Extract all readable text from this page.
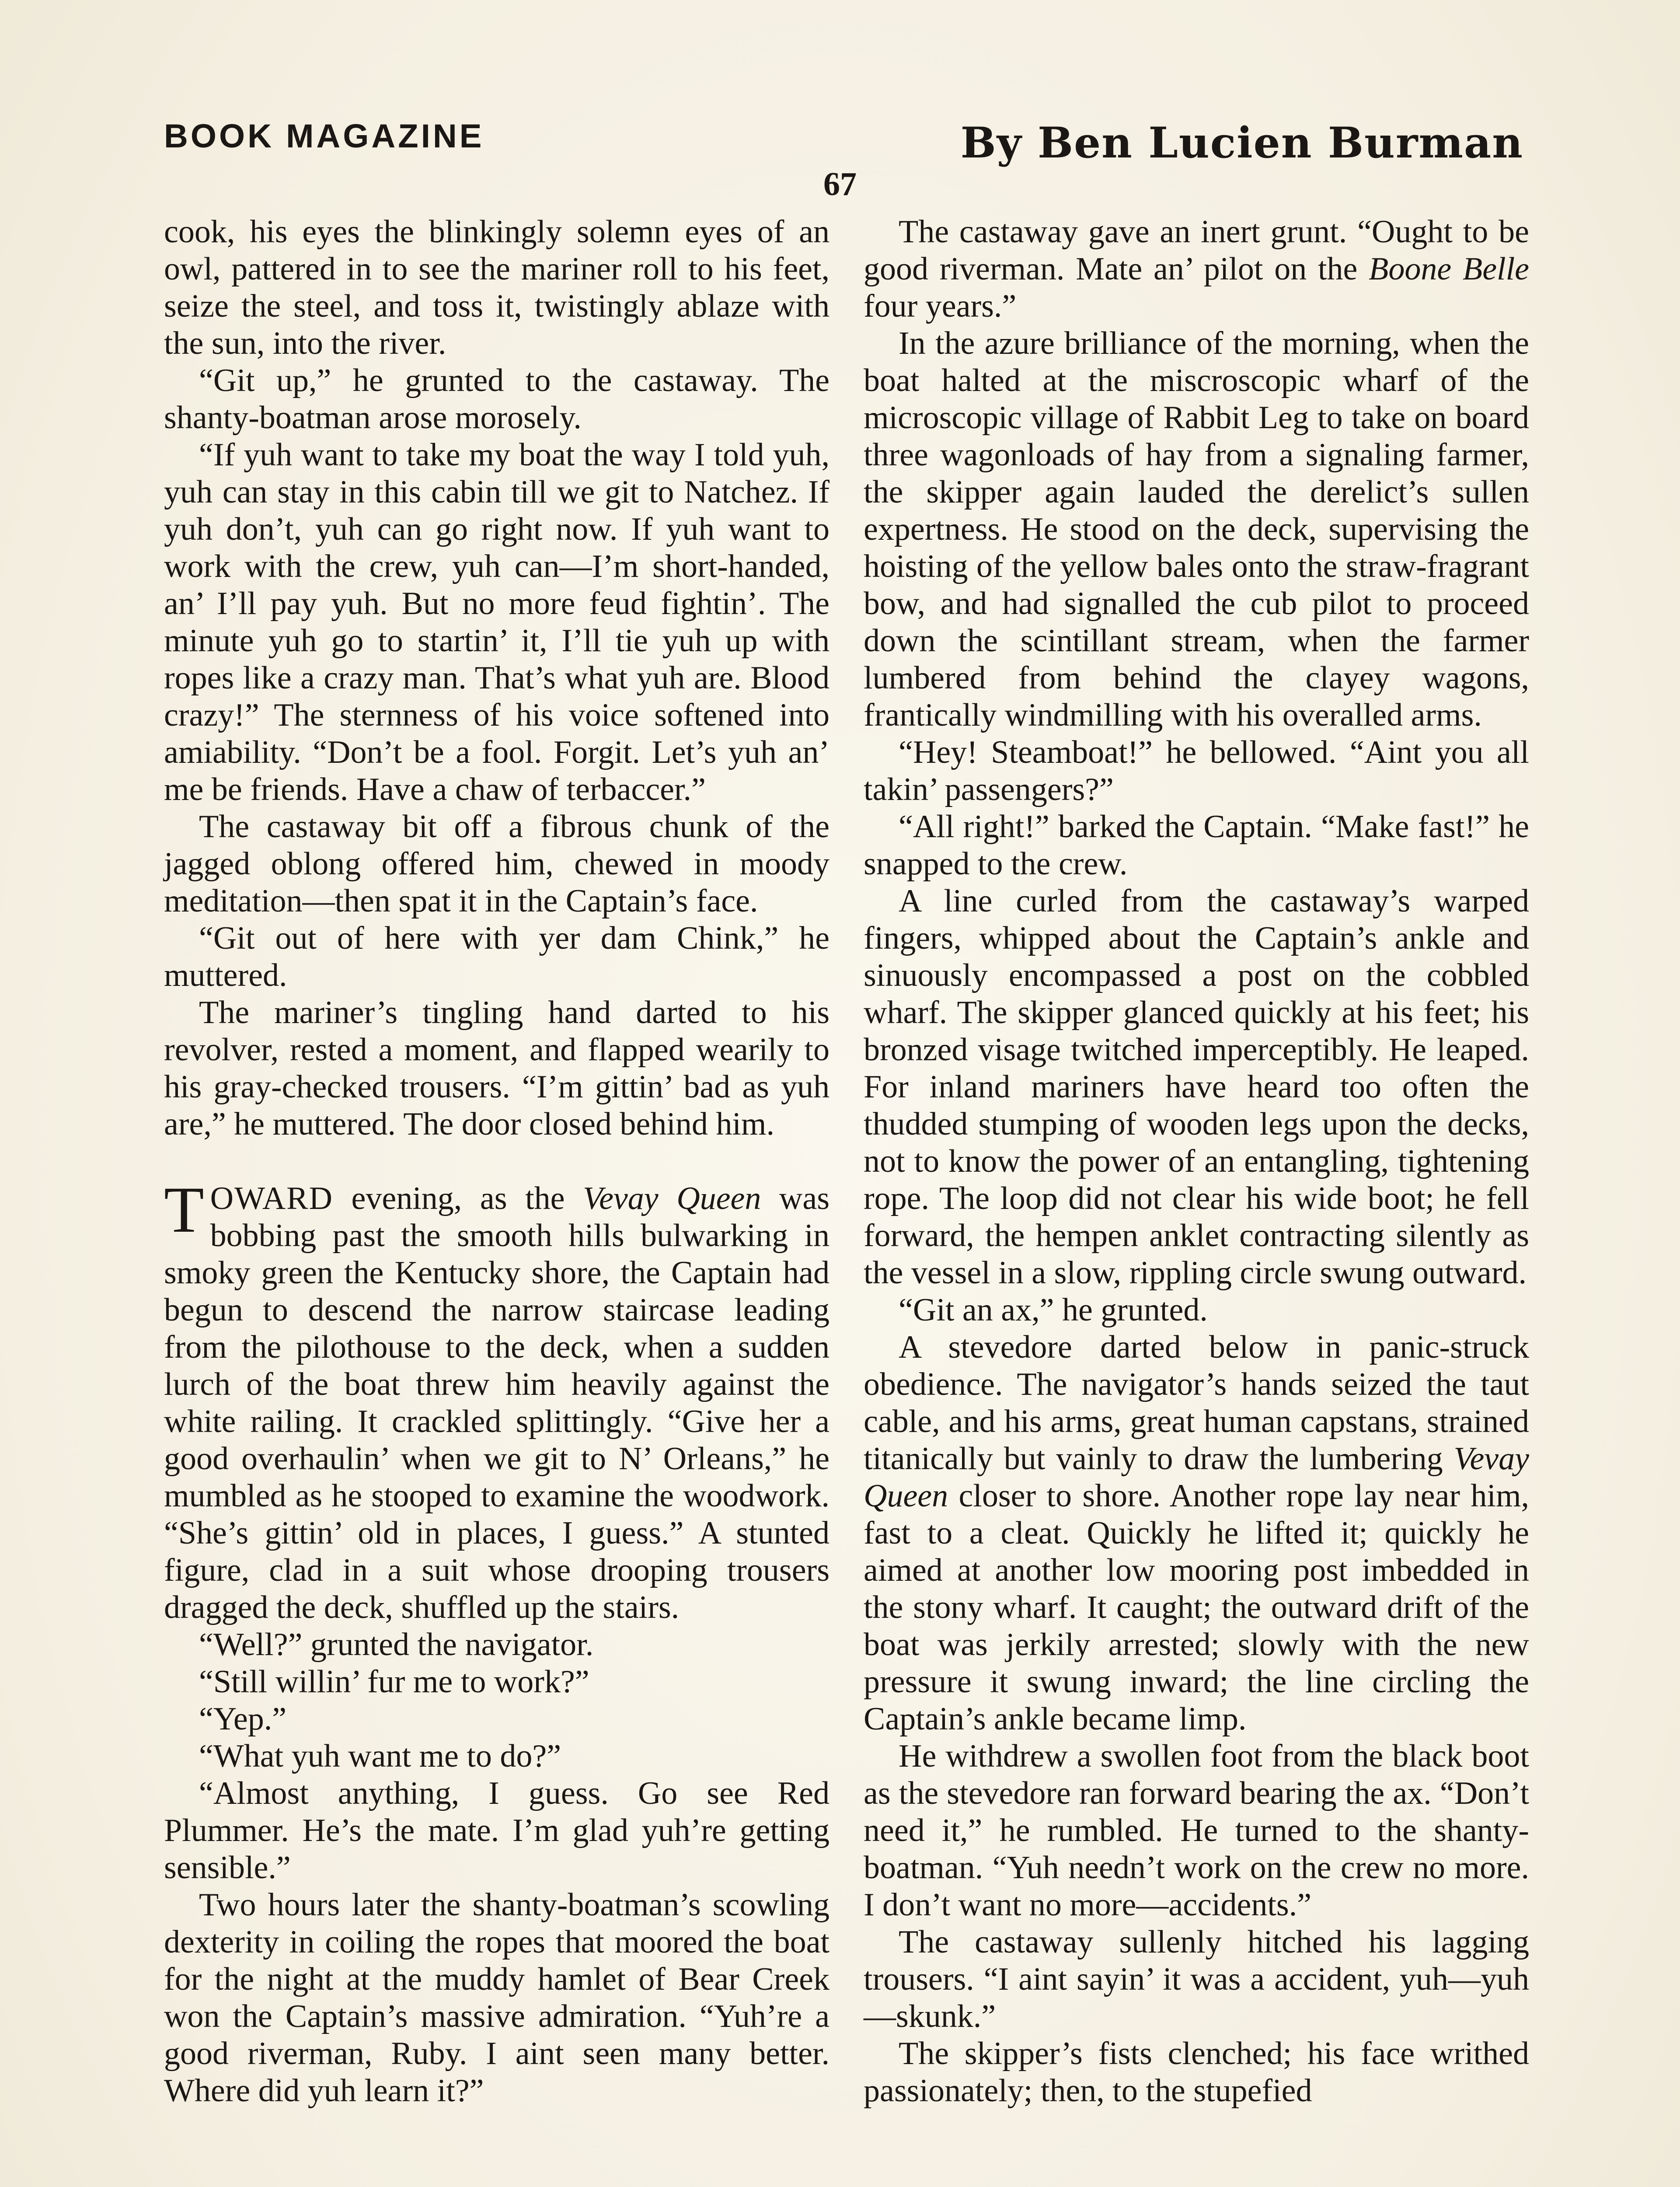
BOOK MAGAZINE	By Ben Lucien Burman
67

cook, his eyes the blinkingly solemn eyes of an owl, pattered in to see the mariner roll to his feet, seize the steel, and toss it, twistingly ablaze with the sun, into the river.

“Git up,” he grunted to the castaway. The shanty-boatman arose morosely.

“If yuh want to take my boat the way I told yuh, yuh can stay in this cabin till we git to Natchez. If yuh don’t, yuh can go right now. If yuh want to work with the crew, yuh can—I’m short-handed, an’ I’ll pay yuh. But no more feud fightin’. The minute yuh go to startin’ it, I’ll tie yuh up with ropes like a crazy man. That’s what yuh are. Blood crazy!” The sternness of his voice softened into amiability. “Don’t be a fool. Forgit. Let’s yuh an’ me be friends. Have a chaw of terbaccer.”

The castaway bit off a fibrous chunk of the jagged oblong offered him, chewed in moody meditation—then spat it in the Captain’s face.

“Git out of here with yer dam Chink,” he muttered.

The mariner’s tingling hand darted to his revolver, rested a moment, and flapped wearily to his gray-checked trousers. “I’m gittin’ bad as yuh are,” he muttered. The door closed behind him.

TOWARD evening, as the Vevay Queen was bobbing past the smooth hills bulwarking in smoky green the Kentucky shore, the Captain had begun to descend the narrow staircase leading from the pilothouse to the deck, when a sudden lurch of the boat threw him heavily against the white railing. It crackled splittingly. “Give her a good overhaulin’ when we git to N’ Orleans,” he mumbled as he stooped to examine the woodwork. “She’s gittin’ old in places, I guess.” A stunted figure, clad in a suit whose drooping trousers dragged the deck, shuffled up the stairs.

“Well?” grunted the navigator.

“Still willin’ fur me to work?”

“Yep.”

“What yuh want me to do?”

“Almost anything, I guess. Go see Red Plummer. He’s the mate. I’m glad yuh’re getting sensible.”

Two hours later the shanty-boatman’s scowling dexterity in coiling the ropes that moored the boat for the night at the muddy hamlet of Bear Creek won the Captain’s massive admiration. “Yuh’re a good riverman, Ruby. I aint seen many better. Where did yuh learn it?”

The castaway gave an inert grunt. “Ought to be good riverman. Mate an’ pilot on the Boone Belle four years.”

In the azure brilliance of the morning, when the boat halted at the miscroscopic wharf of the microscopic village of Rabbit Leg to take on board three wagonloads of hay from a signaling farmer, the skipper again lauded the derelict’s sullen expertness. He stood on the deck, supervising the hoisting of the yellow bales onto the straw-fragrant bow, and had signalled the cub pilot to proceed down the scintillant stream, when the farmer lumbered from behind the clayey wagons, frantically windmilling with his overalled arms.

“Hey! Steamboat!” he bellowed. “Aint you all takin’ passengers?”

“All right!” barked the Captain. “Make fast!” he snapped to the crew.

A line curled from the castaway’s warped fingers, whipped about the Captain’s ankle and sinuously encompassed a post on the cobbled wharf. The skipper glanced quickly at his feet; his bronzed visage twitched imperceptibly. He leaped. For inland mariners have heard too often the thudded stumping of wooden legs upon the decks, not to know the power of an entangling, tightening rope. The loop did not clear his wide boot; he fell forward, the hempen anklet contracting silently as the vessel in a slow, rippling circle swung outward.

“Git an ax,” he grunted.

A stevedore darted below in panic-struck obedience. The navigator’s hands seized the taut cable, and his arms, great human capstans, strained titanically but vainly to draw the lumbering Vevay Queen closer to shore. Another rope lay near him, fast to a cleat. Quickly he lifted it; quickly he aimed at another low mooring post imbedded in the stony wharf. It caught; the outward drift of the boat was jerkily arrested; slowly with the new pressure it swung inward; the line circling the Captain’s ankle became limp.

He withdrew a swollen foot from the black boot as the stevedore ran forward bearing the ax. “Don’t need it,” he rumbled. He turned to the shanty-boatman. “Yuh needn’t work on the crew no more. I don’t want no more—accidents.”

The castaway sullenly hitched his lagging trousers. “I aint sayin’ it was a accident, yuh—yuh—skunk.”

The skipper’s fists clenched; his face writhed passionately; then, to the stupefied
